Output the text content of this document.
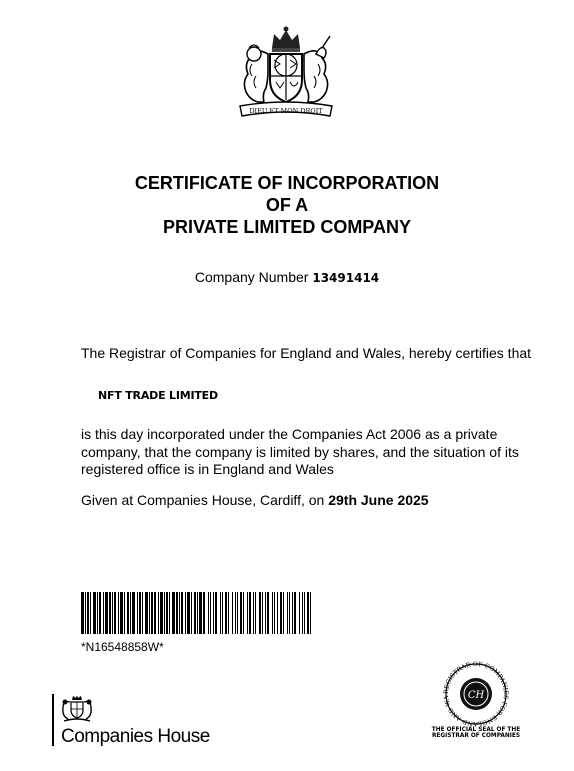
DIEU ET MON DROIT
CERTIFICATE OF INCORPORATION
OF A
PRIVATE LIMITED COMPANY
Company Number 13491414
The Registrar of Companies for England and Wales, hereby certifies that
NFT TRADE LIMITED
is this day incorporated under the Companies Act 2006 as a private company, that the company is limited by shares, and the situation of its registered office is in England and Wales
Given at Companies House, Cardiff, on 29th June 2025
*N16548858W*
Companies House
REGISTRAR OF COMPANIES FOR ENGLAND AND WA	CH
THE OFFICIAL SEAL OF THE
REGISTRAR OF COMPANIES
